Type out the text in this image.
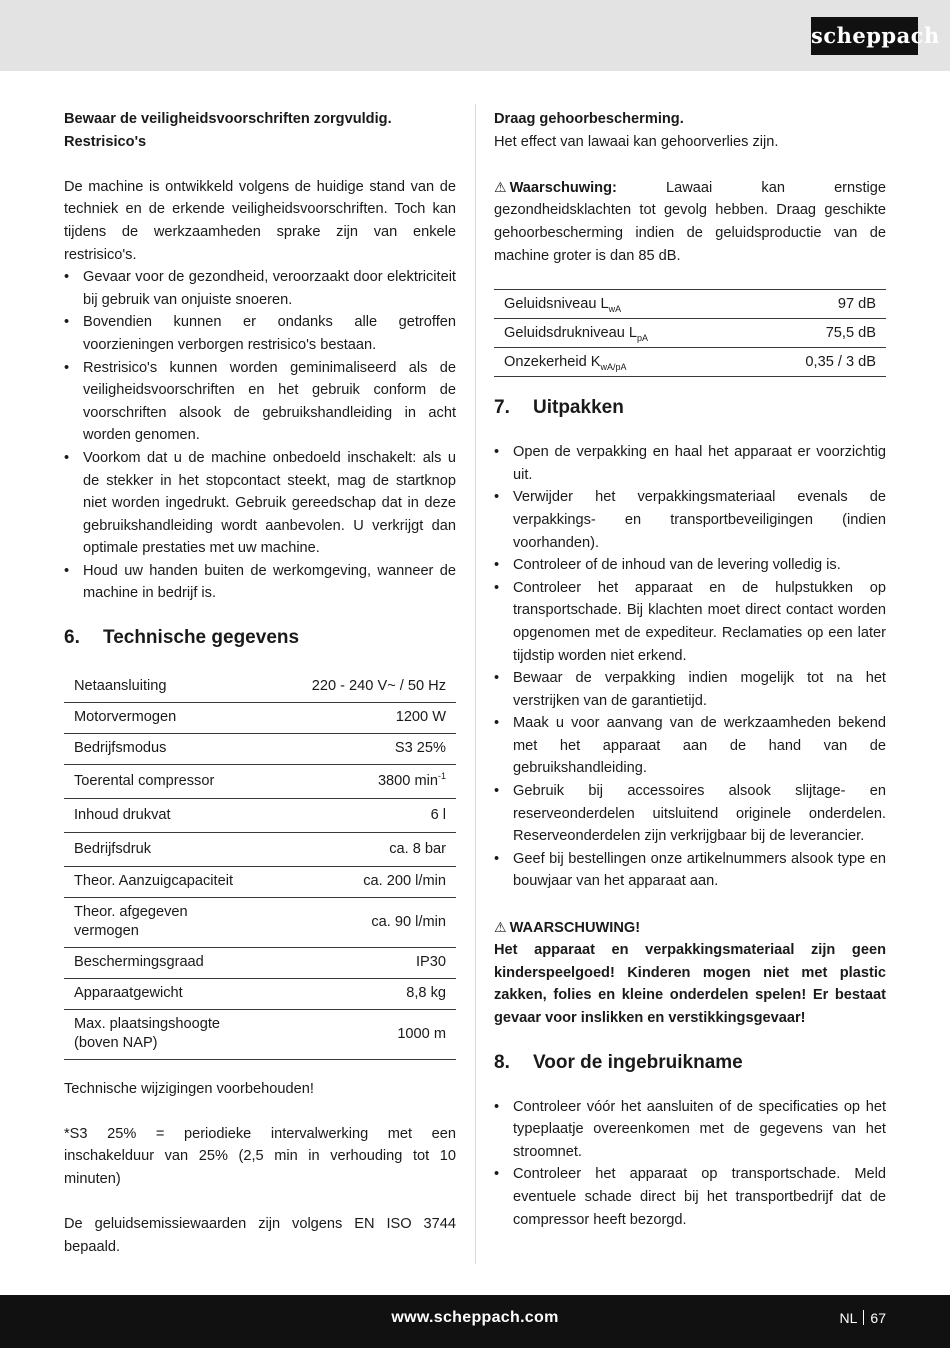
scheppach

Bewaar de veiligheidsvoorschriften zorgvuldig.

Restrisico's

De machine is ontwikkeld volgens de huidige stand van de techniek en de erkende veiligheidsvoorschriften. Toch kan tijdens de werkzaamheden sprake zijn van enkele restrisico's.

• Gevaar voor de gezondheid, veroorzaakt door elektriciteit bij gebruik van onjuiste snoeren.
• Bovendien kunnen er ondanks alle getroffen voorzieningen verborgen restrisico's bestaan.
• Restrisico's kunnen worden geminimaliseerd als de veiligheidsvoorschriften en het gebruik conform de voorschriften alsook de gebruikshandleiding in acht worden genomen.
• Voorkom dat u de machine onbedoeld inschakelt: als u de stekker in het stopcontact steekt, mag de startknop niet worden ingedrukt. Gebruik gereedschap dat in deze gebruikshandleiding wordt aanbevolen. U verkrijgt dan optimale prestaties met uw machine.
• Houd uw handen buiten de werkomgeving, wanneer de machine in bedrijf is.
6. Technische gegevens
Netaansluiting	220 - 240 V~ / 50 Hz
Motorvermogen	1200 W
Bedrijfsmodus	S3 25%
Toerental compressor	3800 $\min^{-1}$
Inhoud drukvat	6 l
Bedrijfsdruk	ca. 8 bar
Theor. Aanzuigcapaciteit	ca. 200 l/min
Theor. afgegeven vermogen	ca. 90 l/min
Beschermingsgraad	IP30
Apparaatgewicht	8,8 kg
Max. plaatsingshoogte (boven NAP)	1000 m

Technische wijzigingen voorbehouden!

*S3 25% = periodieke intervalwerking met een inschakelduur van 25% (2,5 min in verhouding tot 10 minuten)

De geluidsemissiewaarden zijn volgens EN ISO 3744 bepaald.

Draag gehoorbescherming.

Het effect van lawaai kan gehoorverlies zijn.

⚠ Waarschuwing:	Lawaai kan ernstige gezondheidsklachten tot gevolg hebben. Draag geschikte gehoorbescherming indien de geluidsproductie van de machine groter is dan 85 dB.

Geluidsniveau $L_{wA}$	97 dB
Geluidsdrukniveau $L_{pA}$	75,5 dB
Onzekerheid $K_{wA/pA}$	0,35 / 3 dB
7. Uitpakken
• Open de verpakking en haal het apparaat er voorzichtig uit.
• Verwijder het verpakkingsmateriaal evenals de verpakkings- en transportbeveiligingen (indien voorhanden).
• Controleer of de inhoud van de levering volledig is.
• Controleer het apparaat en de hulpstukken op transportschade. Bij klachten moet direct contact worden opgenomen met de expediteur. Reclamaties op een later tijdstip worden niet erkend.
• Bewaar de verpakking indien mogelijk tot na het verstrijken van de garantietijd.
• Maak u voor aanvang van de werkzaamheden bekend met het apparaat aan de hand van de gebruikshandleiding.
• Gebruik bij accessoires alsook slijtage- en reserveonderdelen uitsluitend originele onderdelen. Reserveonderdelen zijn verkrijgbaar bij de leverancier.
• Geef bij bestellingen onze artikelnummers alsook type en bouwjaar van het apparaat aan.

⚠ WAARSCHUWING!

Het apparaat en verpakkingsmateriaal zijn geen kinderspeelgoed! Kinderen mogen niet met plastic zakken, folies en kleine onderdelen spelen! Er bestaat gevaar voor inslikken en verstikkingsgevaar!

8. Voor de ingebruikname
• Controleer vóór het aansluiten of de specificaties op het typeplaatje overeenkomen met de gegevens van het stroomnet.
• Controleer het apparaat op transportschade. Meld eventuele schade direct bij het transportbedrijf dat de compressor heeft bezorgd.
www.scheppach.com	NL 67
